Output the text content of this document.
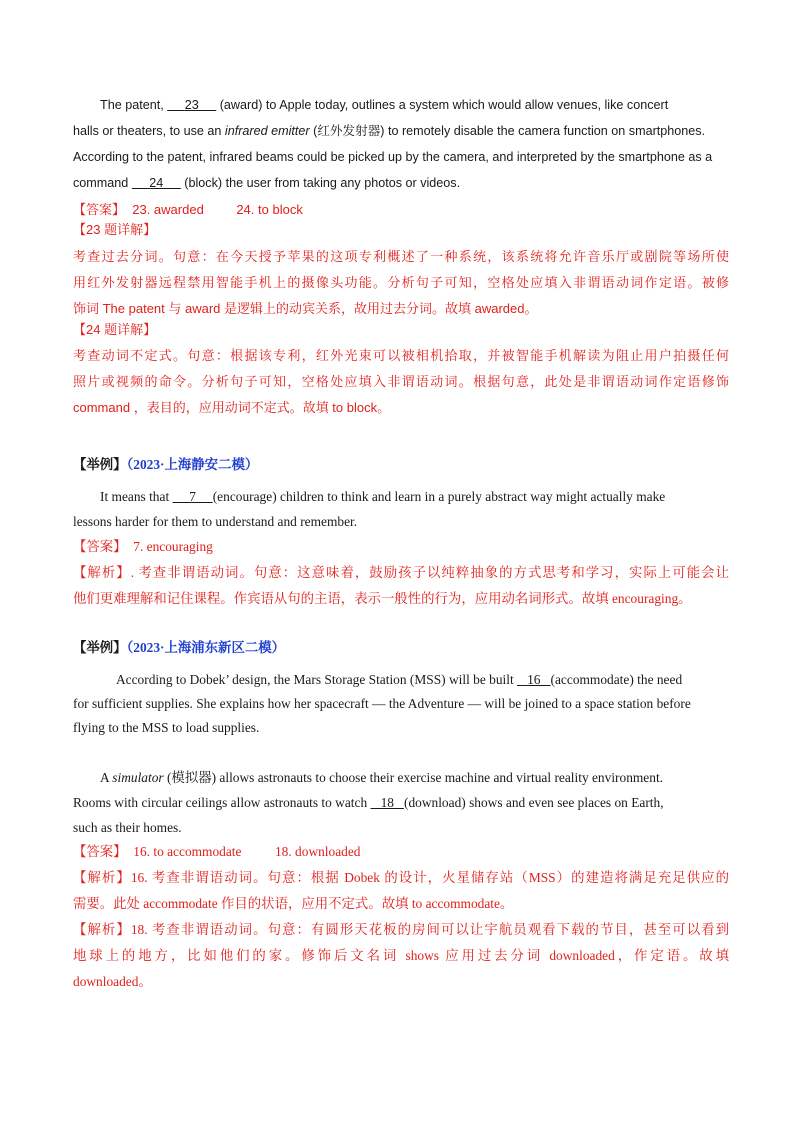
The patent,      23      (award) to Apple today, outlines a system which would allow venues, like concert

halls or theaters, to use an infrared emitter (红外发射器) to remotely disable the camera function on smartphones.

According to the patent, infrared beams could be picked up by the camera, and interpreted by the smartphone as a

command      24      (block) the user from taking any photos or videos.

【答案】 23. awarded	24. to block

【23 题详解】

考查过去分词。句意：在今天授予苹果的这项专利概述了一种系统，该系统将允许音乐厅或剧院等场所使

用红外发射器远程禁用智能手机上的摄像头功能。分析句子可知，空格处应填入非谓语动词作定语。被修

饰词 The patent 与 award 是逻辑上的动宾关系，故用过去分词。故填 awarded。

【24 题详解】

考查动词不定式。句意：根据该专利，红外光束可以被相机拾取，并被智能手机解读为阻止用户拍摄任何

照片或视频的命令。分析句子可知，空格处应填入非谓语动词。根据句意，此处是非谓语动词作定语修饰

command ，表目的，应用动词不定式。故填 to block。

【举例】（2023·上海静安二模）

It means that      7 (encourage) children to think and learn in a purely abstract way might actually make

lessons harder for them to understand and remember.

【答案】 7. encouraging

【解析】. 考查非谓语动词。句意：这意味着，鼓励孩子以纯粹抽象的方式思考和学习，实际上可能会让

他们更难理解和记住课程。作宾语从句的主语，表示一般性的行为，应用动名词形式。故填 encouraging。

【举例】（2023·上海浦东新区二模）

According to Dobek’ design, the Mars Storage Station (MSS) will be built    16 (accommodate) the need

for sufficient supplies. She explains how her spacecraft — the Adventure — will be joined to a space station before

flying to the MSS to load supplies.

A simulator (模拟器) allows astronauts to choose their exercise machine and virtual reality environment.

Rooms with circular ceilings allow astronauts to watch    18 (download) shows and even see places on Earth,

such as their homes.

【答案】 16. to accommodate 18. downloaded

【解析】16. 考查非谓语动词。句意：根据 Dobek 的设计，火星储存站（MSS）的建造将满足充足供应的

需要。此处 accommodate 作目的状语，应用不定式。故填 to accommodate。

【解析】18. 考查非谓语动词。句意：有圆形天花板的房间可以让宇航员观看下载的节目，甚至可以看到

地球上的地方，比如他们的家。修饰后文名词 shows 应用过去分词 downloaded，作定语。故填

downloaded。
